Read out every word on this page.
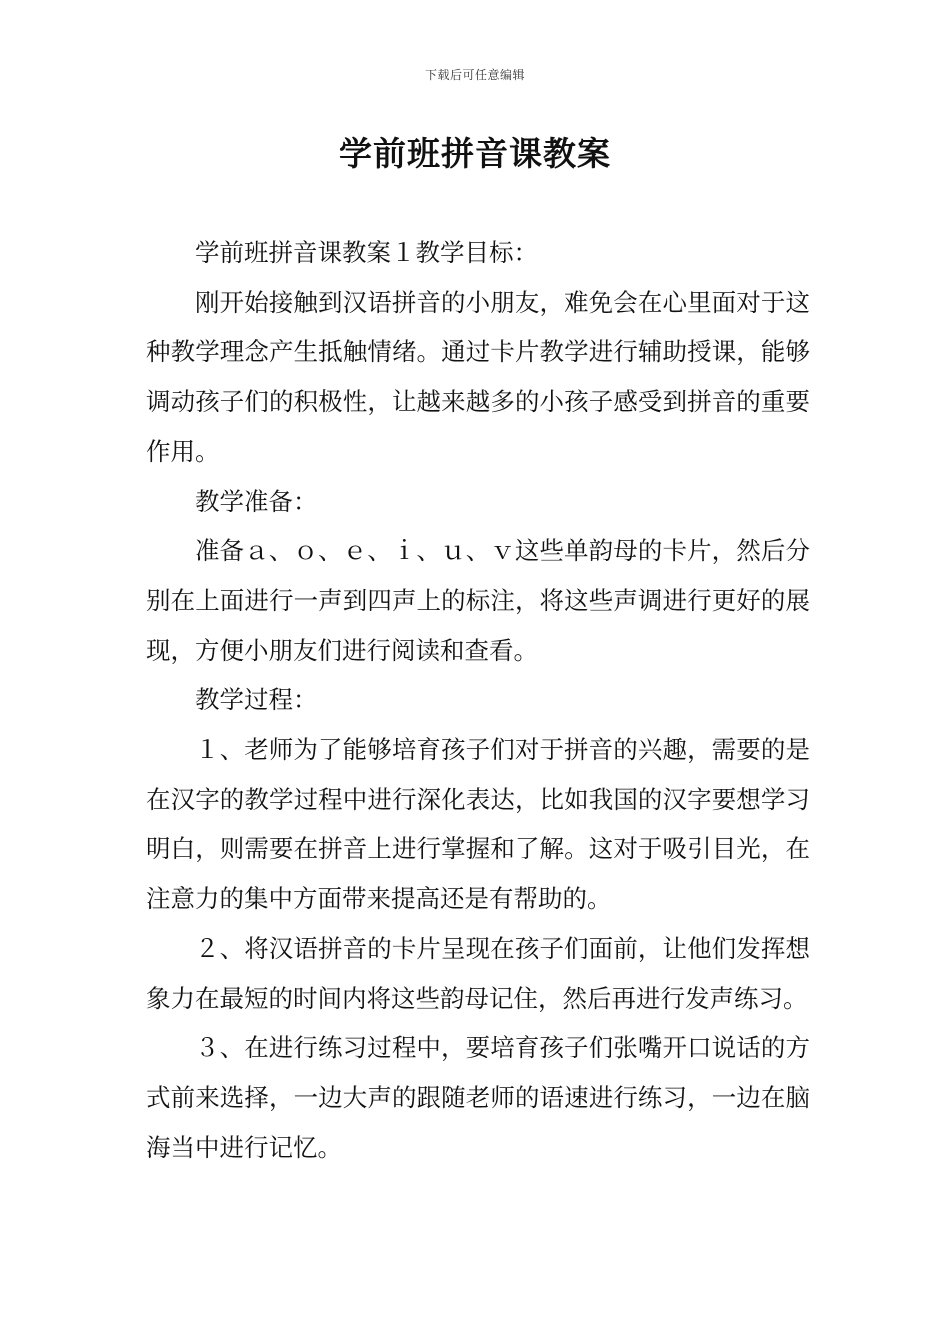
下载后可任意编辑
学前班拼音课教案

学前班拼音课教案１教学目标：

刚开始接触到汉语拼音的小朋友，难免会在心里面对于这种教学理念产生抵触情绪。通过卡片教学进行辅助授课，能够调动孩子们的积极性，让越来越多的小孩子感受到拼音的重要作用。

教学准备：

准备ａ、ｏ、ｅ、ｉ、ｕ、ｖ这些单韵母的卡片，然后分别在上面进行一声到四声上的标注，将这些声调进行更好的展现，方便小朋友们进行阅读和查看。

教学过程：

１、老师为了能够培育孩子们对于拼音的兴趣，需要的是在汉字的教学过程中进行深化表达，比如我国的汉字要想学习明白，则需要在拼音上进行掌握和了解。这对于吸引目光，在注意力的集中方面带来提高还是有帮助的。

２、将汉语拼音的卡片呈现在孩子们面前，让他们发挥想象力在最短的时间内将这些韵母记住，然后再进行发声练习。

３、在进行练习过程中，要培育孩子们张嘴开口说话的方式前来选择，一边大声的跟随老师的语速进行练习，一边在脑海当中进行记忆。
